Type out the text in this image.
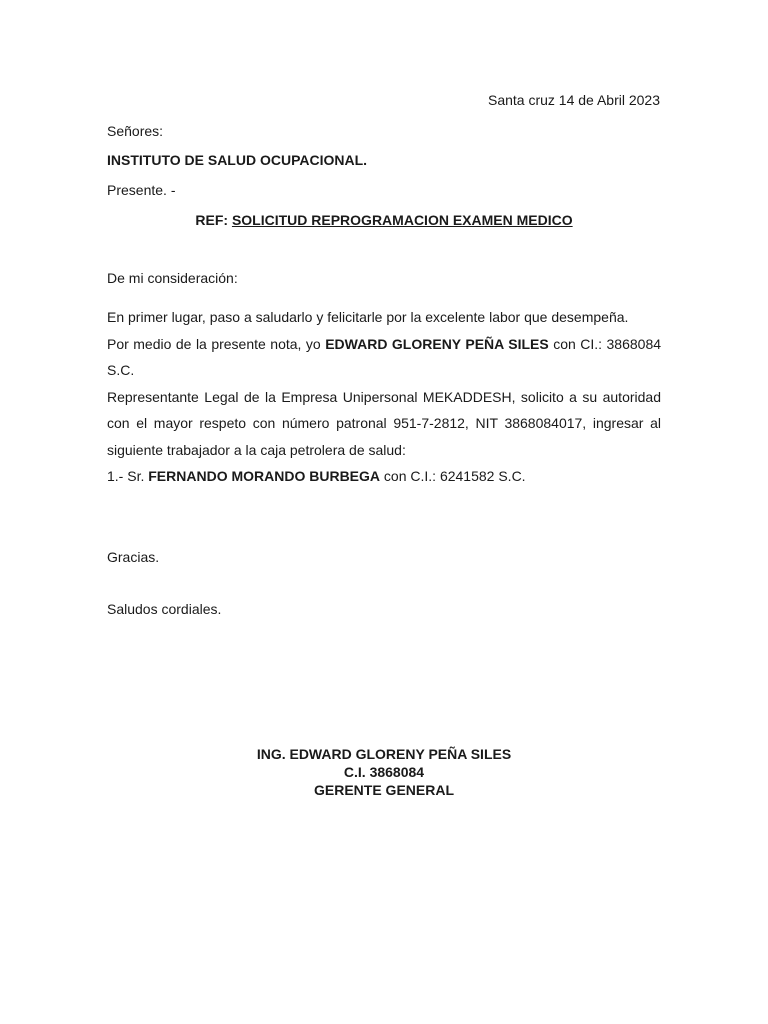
Santa cruz 14 de Abril 2023
Señores:
INSTITUTO DE SALUD OCUPACIONAL.
Presente. -
REF: SOLICITUD REPROGRAMACION EXAMEN MEDICO
De mi consideración:

En primer lugar, paso a saludarlo y felicitarle por la excelente labor que desempeña.

Por medio de la presente nota, yo EDWARD GLORENY PEÑA SILES con CI.: 3868084 S.C.

Representante Legal de la Empresa Unipersonal MEKADDESH, solicito a su autoridad con el mayor respeto con número patronal 951-7-2812, NIT 3868084017, ingresar al siguiente trabajador a la caja petrolera de salud:

1.- Sr. FERNANDO MORANDO BURBEGA con C.I.: 6241582 S.C.

Gracias.
Saludos cordiales.
ING. EDWARD GLORENY PEÑA SILES
C.I. 3868084
GERENTE GENERAL
